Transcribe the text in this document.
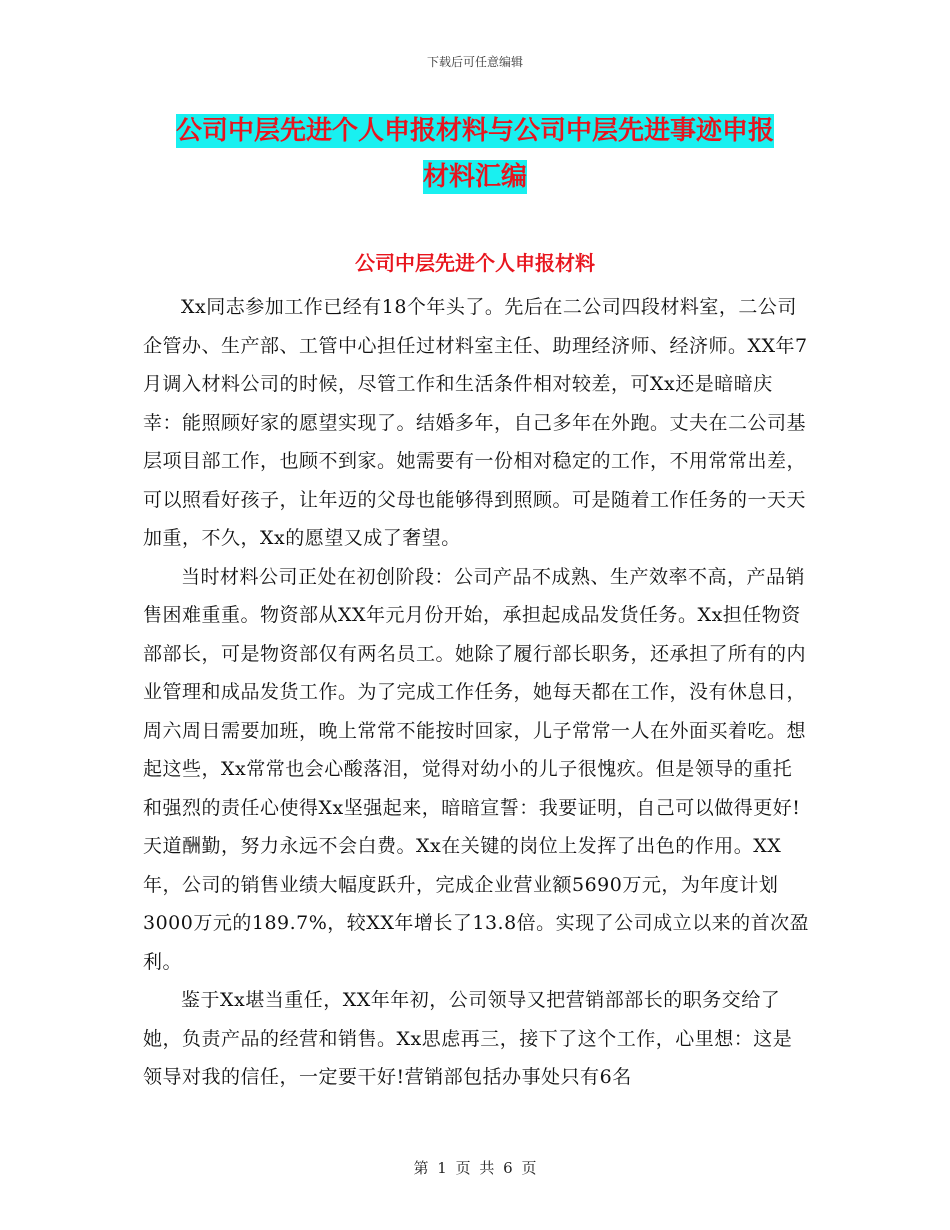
下载后可任意编辑
公司中层先进个人申报材料与公司中层先进事迹申报
材料汇编
公司中层先进个人申报材料

Xx同志参加工作已经有18个年头了。先后在二公司四段材料室，二公司企管办、生产部、工管中心担任过材料室主任、助理经济师、经济师。XX年7月调入材料公司的时候，尽管工作和生活条件相对较差，可Xx还是暗暗庆幸：能照顾好家的愿望实现了。结婚多年，自己多年在外跑。丈夫在二公司基层项目部工作，也顾不到家。她需要有一份相对稳定的工作，不用常常出差，可以照看好孩子，让年迈的父母也能够得到照顾。可是随着工作任务的一天天加重，不久，Xx的愿望又成了奢望。

当时材料公司正处在初创阶段：公司产品不成熟、生产效率不高，产品销售困难重重。物资部从XX年元月份开始，承担起成品发货任务。Xx担任物资部部长，可是物资部仅有两名员工。她除了履行部长职务，还承担了所有的内业管理和成品发货工作。为了完成工作任务，她每天都在工作，没有休息日，周六周日需要加班，晚上常常不能按时回家，儿子常常一人在外面买着吃。想起这些，Xx常常也会心酸落泪，觉得对幼小的儿子很愧疚。但是领导的重托和强烈的责任心使得Xx坚强起来，暗暗宣誓：我要证明，自己可以做得更好!天道酬勤，努力永远不会白费。Xx在关键的岗位上发挥了出色的作用。XX年，公司的销售业绩大幅度跃升，完成企业营业额5690万元，为年度计划3000万元的189.7%，较XX年增长了13.8倍。实现了公司成立以来的首次盈利。

鉴于Xx堪当重任，XX年年初，公司领导又把营销部部长的职务交给了她，负责产品的经营和销售。Xx思虑再三，接下了这个工作，心里想：这是领导对我的信任，一定要干好!营销部包括办事处只有6名

第 1 页 共 6 页
